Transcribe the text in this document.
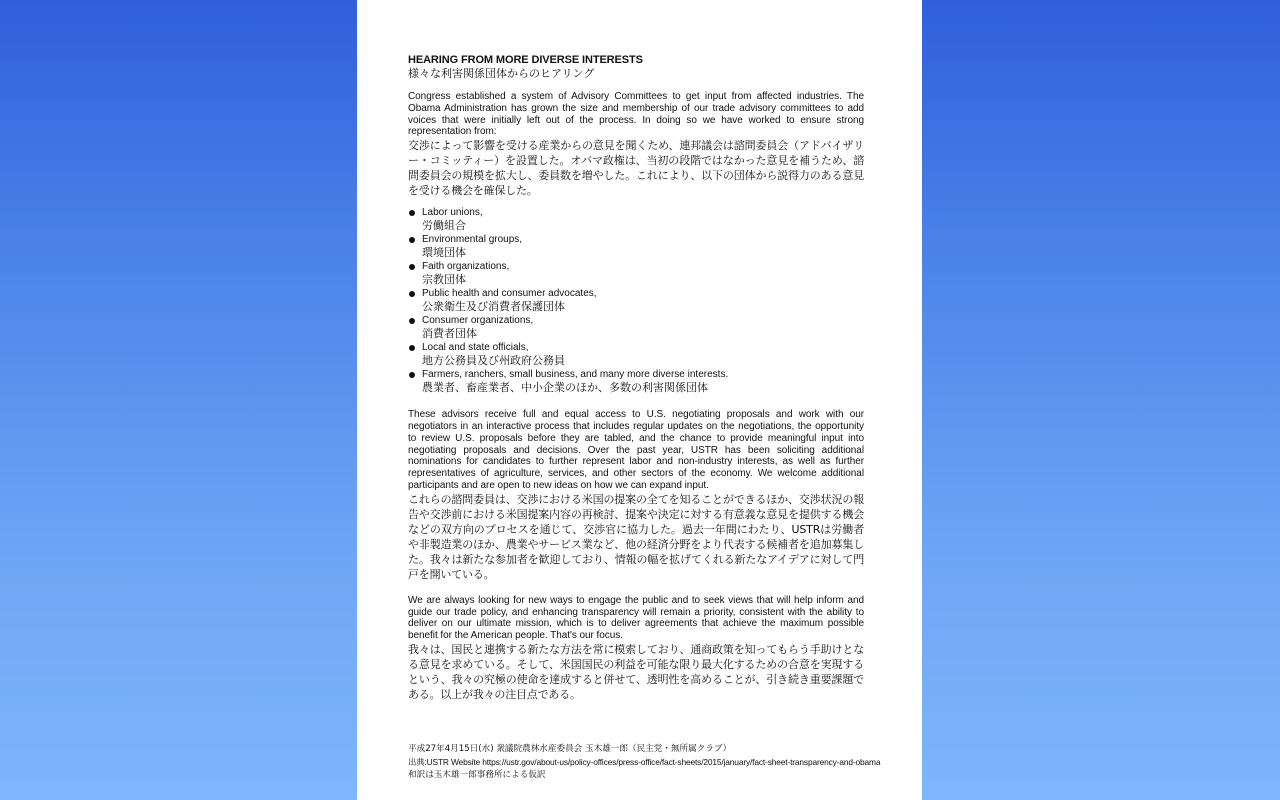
HEARING FROM MORE DIVERSE INTERESTS
様々な利害関係団体からのヒアリング
Congress established a system of Advisory Committees to get input from affected industries. The Obama Administration has grown the size and membership of our trade advisory committees to add voices that were initially left out of the process. In doing so we have worked to ensure strong representation from:
交渉によって影響を受ける産業からの意見を聞くため、連邦議会は諮問委員会（アドバイザリー・コミッティー）を設置した。オバマ政権は、当初の段階ではなかった意見を補うため、諮問委員会の規模を拡大し、委員数を増やした。これにより、以下の団体から説得力のある意見を受ける機会を確保した。
Labor unions,
労働組合
Environmental groups,
環境団体
Faith organizations,
宗教団体
Public health and consumer advocates,
公衆衛生及び消費者保護団体
Consumer organizations,
消費者団体
Local and state officials,
地方公務員及び州政府公務員
Farmers, ranchers, small business, and many more diverse interests.
農業者、畜産業者、中小企業のほか、多数の利害関係団体
These advisors receive full and equal access to U.S. negotiating proposals and work with our negotiators in an interactive process that includes regular updates on the negotiations, the opportunity to review U.S. proposals before they are tabled, and the chance to provide meaningful input into negotiating proposals and decisions. Over the past year, USTR has been soliciting additional nominations for candidates to further represent labor and non-industry interests, as well as further representatives of agriculture, services, and other sectors of the economy. We welcome additional participants and are open to new ideas on how we can expand input.
これらの諮問委員は、交渉における米国の提案の全てを知ることができるほか、交渉状況の報告や交渉前における米国提案内容の再検討、提案や決定に対する有意義な意見を提供する機会などの双方向のプロセスを通じて、交渉官に協力した。過去一年間にわたり、USTRは労働者や非製造業のほか、農業やサービス業など、他の経済分野をより代表する候補者を追加募集した。我々は新たな参加者を歓迎しており、情報の幅を拡げてくれる新たなアイデアに対して門戸を開いている。
We are always looking for new ways to engage the public and to seek views that will help inform and guide our trade policy, and enhancing transparency will remain a priority, consistent with the ability to deliver on our ultimate mission, which is to deliver agreements that achieve the maximum possible benefit for the American people. That's our focus.
我々は、国民と連携する新たな方法を常に模索しており、通商政策を知ってもらう手助けとなる意見を求めている。そして、米国国民の利益を可能な限り最大化するための合意を実現するという、我々の究極の使命を達成すると併せて、透明性を高めることが、引き続き重要課題である。以上が我々の注目点である。
平成27年4月15日(水) 衆議院農林水産委員会 玉木雄一郎（民主党・無所属クラブ）
出典:USTR Website https://ustr.gov/about-us/policy-offices/press-office/fact-sheets/2015/january/fact-sheet-transparency-and-obama
和訳は玉木雄一郎事務所による仮訳
